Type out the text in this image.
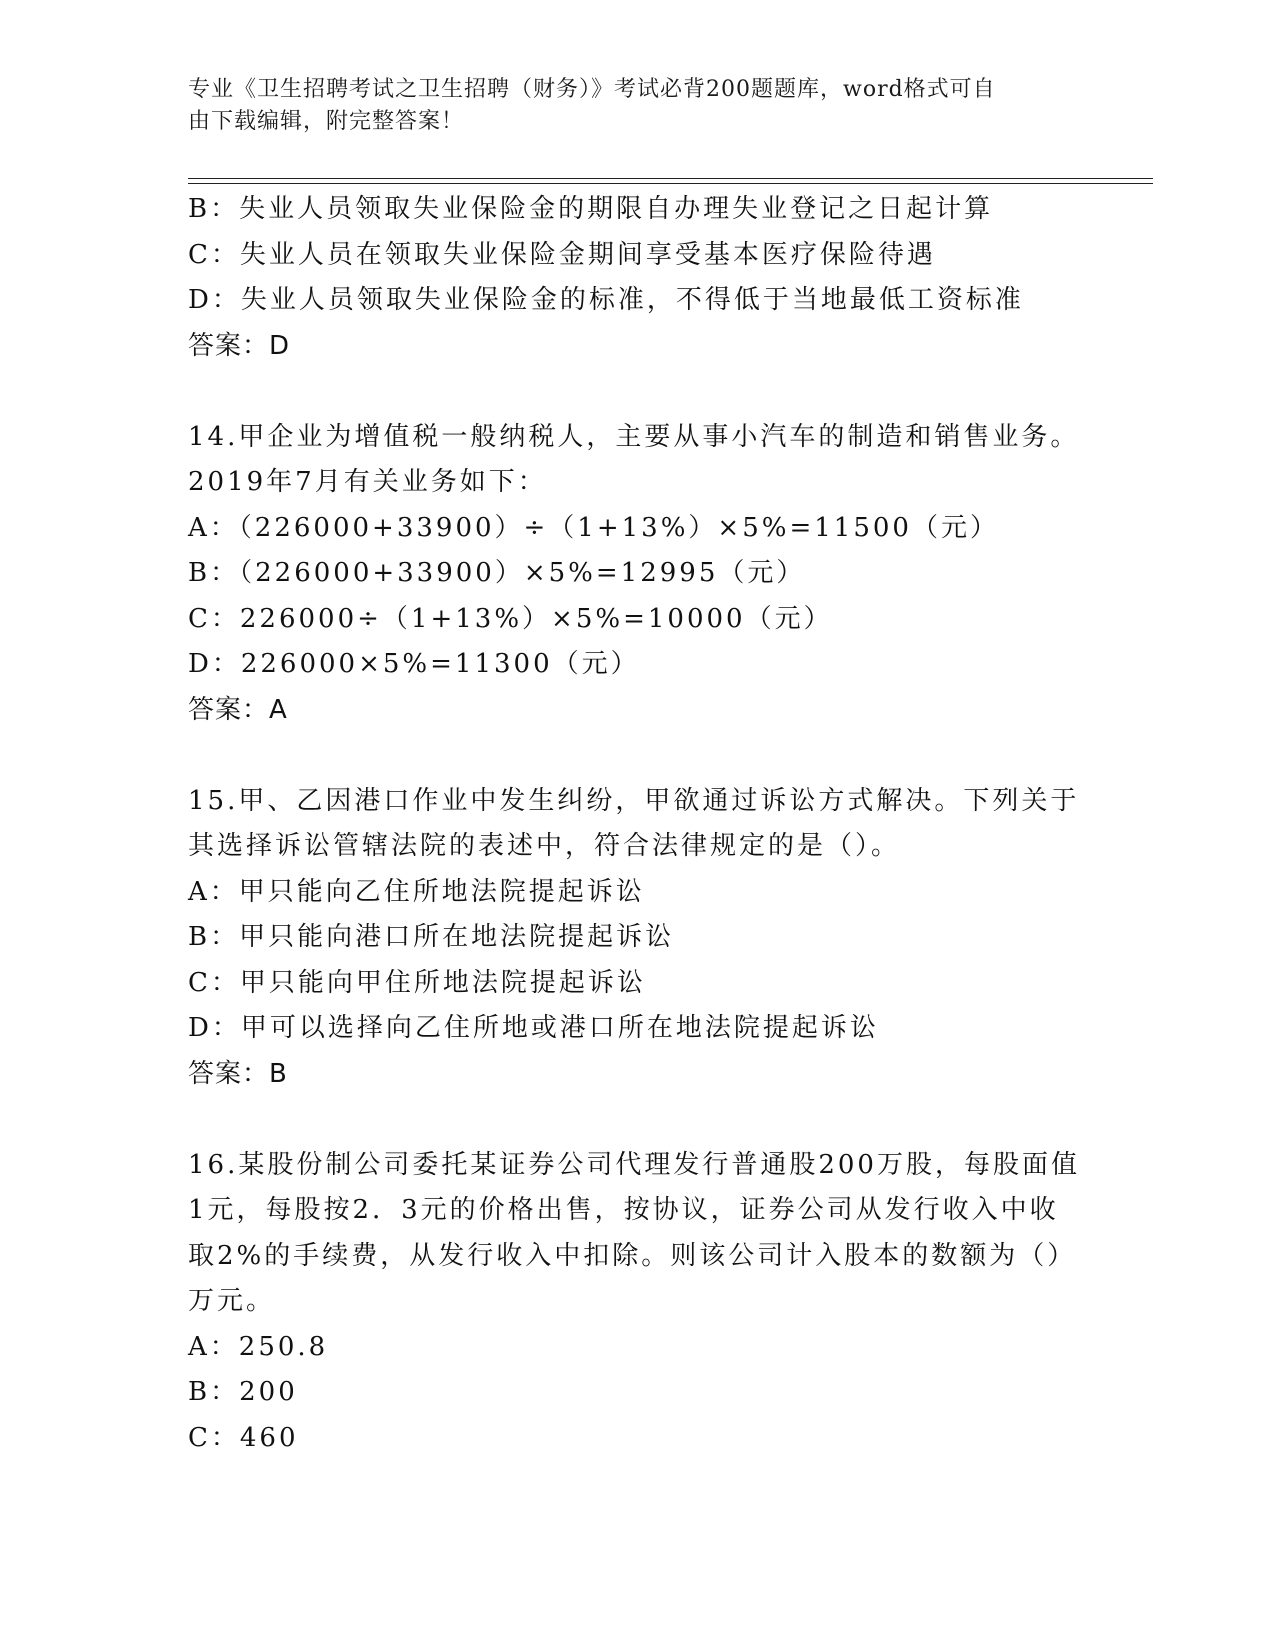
专业《卫生招聘考试之卫生招聘（财务）》考试必背200题题库，word格式可自
由下载编辑，附完整答案！
B：失业人员领取失业保险金的期限自办理失业登记之日起计算
C：失业人员在领取失业保险金期间享受基本医疗保险待遇
D：失业人员领取失业保险金的标准，不得低于当地最低工资标准
答案：D
14.甲企业为增值税一般纳税人，主要从事小汽车的制造和销售业务。
2019年7月有关业务如下：
A：（226000+33900）÷（1+13%）×5%=11500（元）
B：（226000+33900）×5%=12995（元）
C：226000÷（1+13%）×5%=10000（元）
D：226000×5%=11300（元）
答案：A
15.甲、乙因港口作业中发生纠纷，甲欲通过诉讼方式解决。下列关于
其选择诉讼管辖法院的表述中，符合法律规定的是（）。
A：甲只能向乙住所地法院提起诉讼
B：甲只能向港口所在地法院提起诉讼
C：甲只能向甲住所地法院提起诉讼
D：甲可以选择向乙住所地或港口所在地法院提起诉讼
答案：B
16.某股份制公司委托某证券公司代理发行普通股200万股，每股面值
1元，每股按2．3元的价格出售，按协议，证券公司从发行收入中收
取2%的手续费，从发行收入中扣除。则该公司计入股本的数额为（）
万元。
A：250.8
B：200
C：460
